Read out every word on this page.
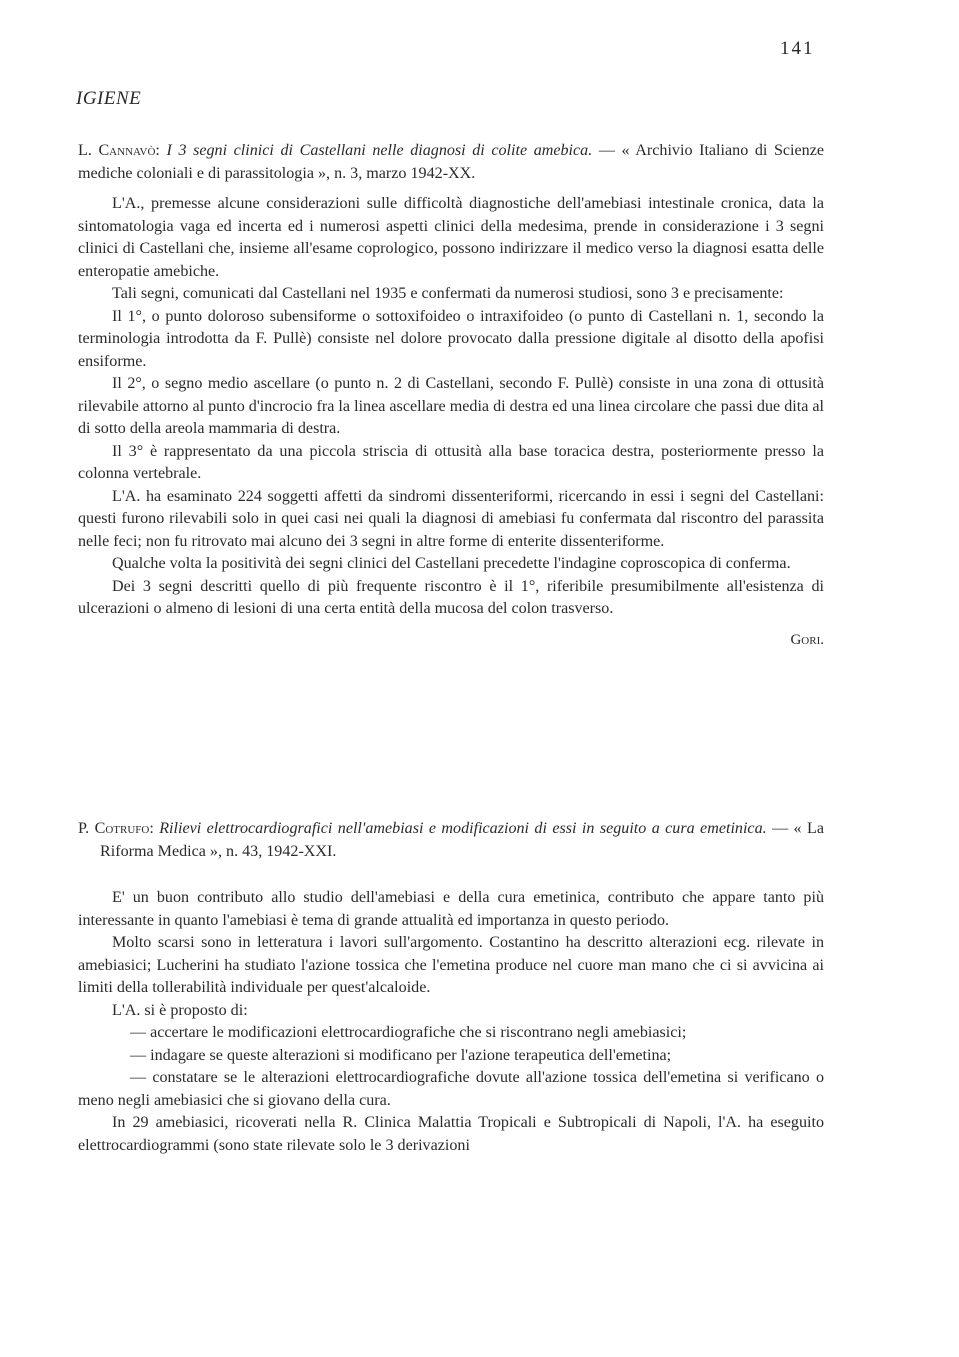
141
IGIENE
L. Cannavò: I 3 segni clinici di Castellani nelle diagnosi di colite amebica. — « Archivio Italiano di Scienze mediche coloniali e di parassitologia », n. 3, marzo 1942-XX.

L'A., premesse alcune considerazioni sulle difficoltà diagnostiche dell'amebiasi intestinale cronica, data la sintomatologia vaga ed incerta ed i numerosi aspetti clinici della medesima, prende in considerazione i 3 segni clinici di Castellani che, insieme all'esame coprologico, possono indirizzare il medico verso la diagnosi esatta delle enteropatie amebiche.

Tali segni, comunicati dal Castellani nel 1935 e confermati da numerosi studiosi, sono 3 e precisamente:

Il 1°, o punto doloroso subensiforme o sottoxifoideo o intraxifoideo (o punto di Castellani n. 1, secondo la terminologia introdotta da F. Pullè) consiste nel dolore provocato dalla pressione digitale al disotto della apofisi ensiforme.

Il 2°, o segno medio ascellare (o punto n. 2 di Castellani, secondo F. Pullè) consiste in una zona di ottusità rilevabile attorno al punto d'incrocio fra la linea ascellare media di destra ed una linea circolare che passi due dita al di sotto della areola mammaria di destra.

Il 3° è rappresentato da una piccola striscia di ottusità alla base toracica destra, posteriormente presso la colonna vertebrale.

L'A. ha esaminato 224 soggetti affetti da sindromi dissenteriformi, ricercando in essi i segni del Castellani: questi furono rilevabili solo in quei casi nei quali la diagnosi di amebiasi fu confermata dal riscontro del parassita nelle feci; non fu ritrovato mai alcuno dei 3 segni in altre forme di enterite dissenteriforme.

Qualche volta la positività dei segni clinici del Castellani precedette l'indagine coproscopica di conferma.

Dei 3 segni descritti quello di più frequente riscontro è il 1°, riferibile presumibilmente all'esistenza di ulcerazioni o almeno di lesioni di una certa entità della mucosa del colon trasverso.

Gori.
P. Cotrufo: Rilievi elettrocardiografici nell'amebiasi e modificazioni di essi in seguito a cura emetinica. — « La Riforma Medica », n. 43, 1942-XXI.

E' un buon contributo allo studio dell'amebiasi e della cura emetinica, contributo che appare tanto più interessante in quanto l'amebiasi è tema di grande attualità ed importanza in questo periodo.

Molto scarsi sono in letteratura i lavori sull'argomento. Costantino ha descritto alterazioni ecg. rilevate in amebiasici; Lucherini ha studiato l'azione tossica che l'emetina produce nel cuore man mano che ci si avvicina ai limiti della tollerabilità individuale per quest'alcaloide.

L'A. si è proposto di:

— accertare le modificazioni elettrocardiografiche che si riscontrano negli amebiasici;

— indagare se queste alterazioni si modificano per l'azione terapeutica dell'emetina;

— constatare se le alterazioni elettrocardiografiche dovute all'azione tossica dell'emetina si verificano o meno negli amebiasici che si giovano della cura.

In 29 amebiasici, ricoverati nella R. Clinica Malattia Tropicali e Subtropicali di Napoli, l'A. ha eseguito elettrocardiogrammi (sono state rilevate solo le 3 derivazioni
